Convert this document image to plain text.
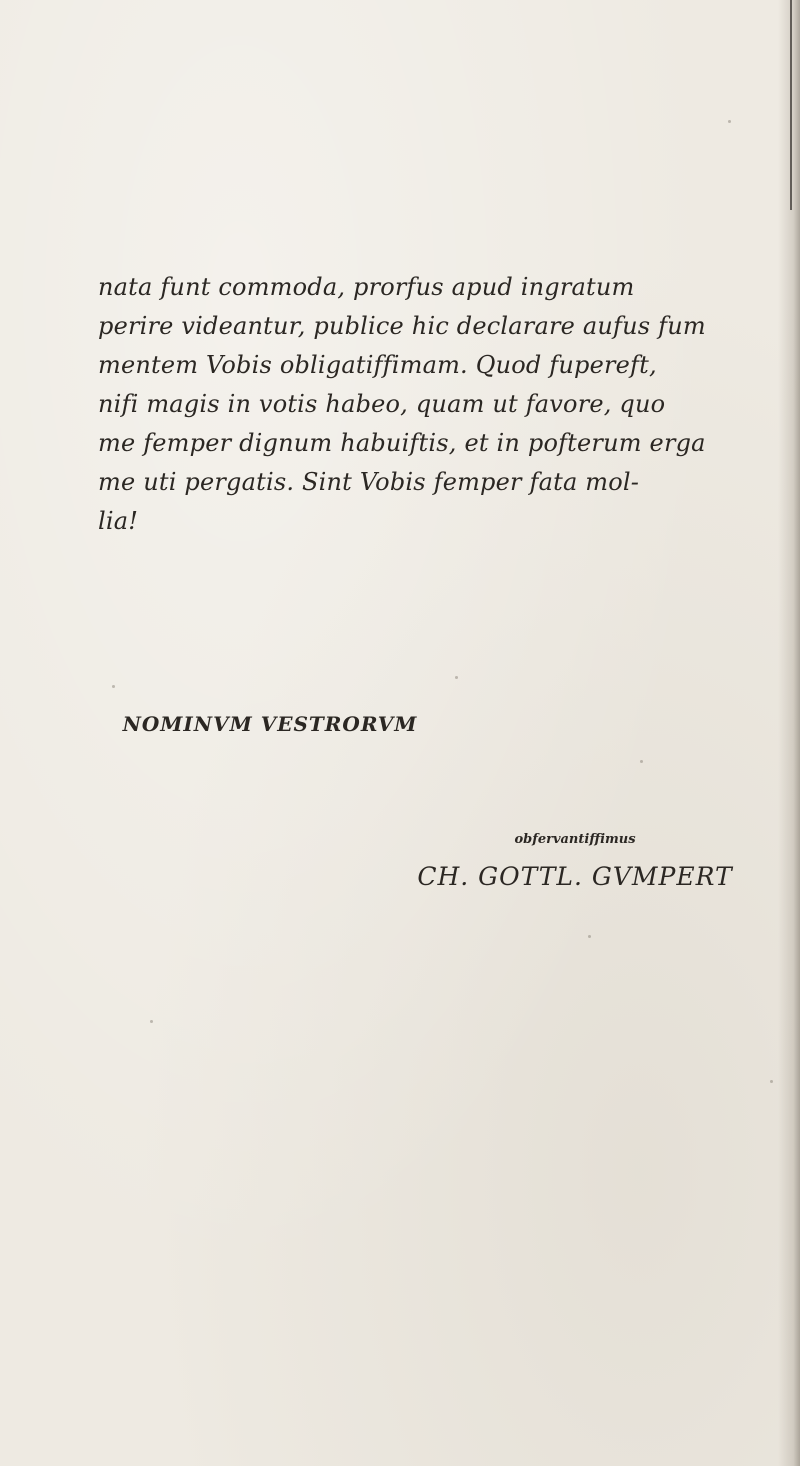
nata funt commoda, prorfus apud ingratum
perire videantur, publice hic declarare aufus fum
mentem Vobis obligatiffimam. Quod fupereft,
nifi magis in votis habeo, quam ut favore, quo
me femper dignum habuiftis, et in pofterum erga
me uti pergatis. Sint Vobis femper fata mol-
lia!
NOMINVM VESTRORVM
obfervantiffimus
CH. GOTTL. GVMPERT
